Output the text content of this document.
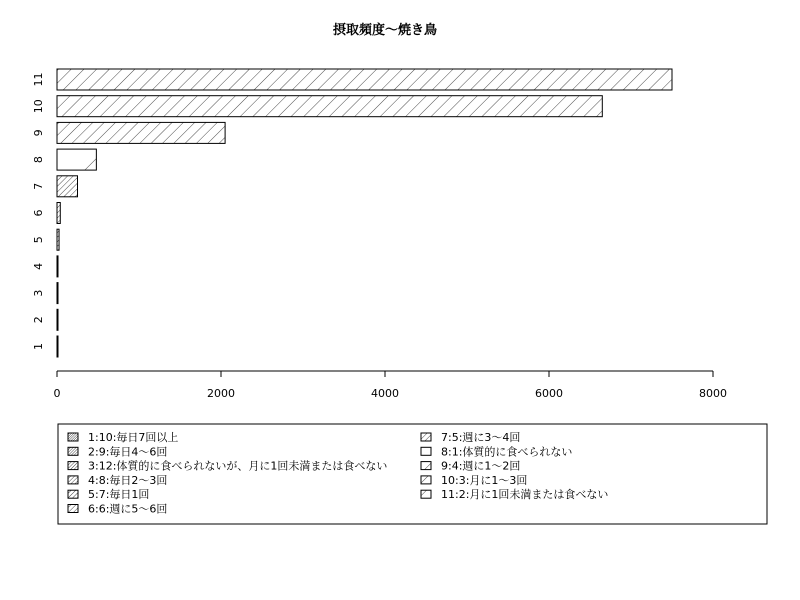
摂取頻度〜焼き鳥
1
2
3
4
5
6
7
8
9
10
11
0	2000	4000	6000	8000
1:10:毎日7回以上
2:9:毎日4〜6回
3:12:体質的に食べられないが、月に1回未満または食べない
4:8:毎日2〜3回
5:7:毎日1回
6:6:週に5〜6回
7:5:週に3〜4回
8:1:体質的に食べられない
9:4:週に1〜2回
10:3:月に1〜3回
11:2:月に1回未満または食べない
